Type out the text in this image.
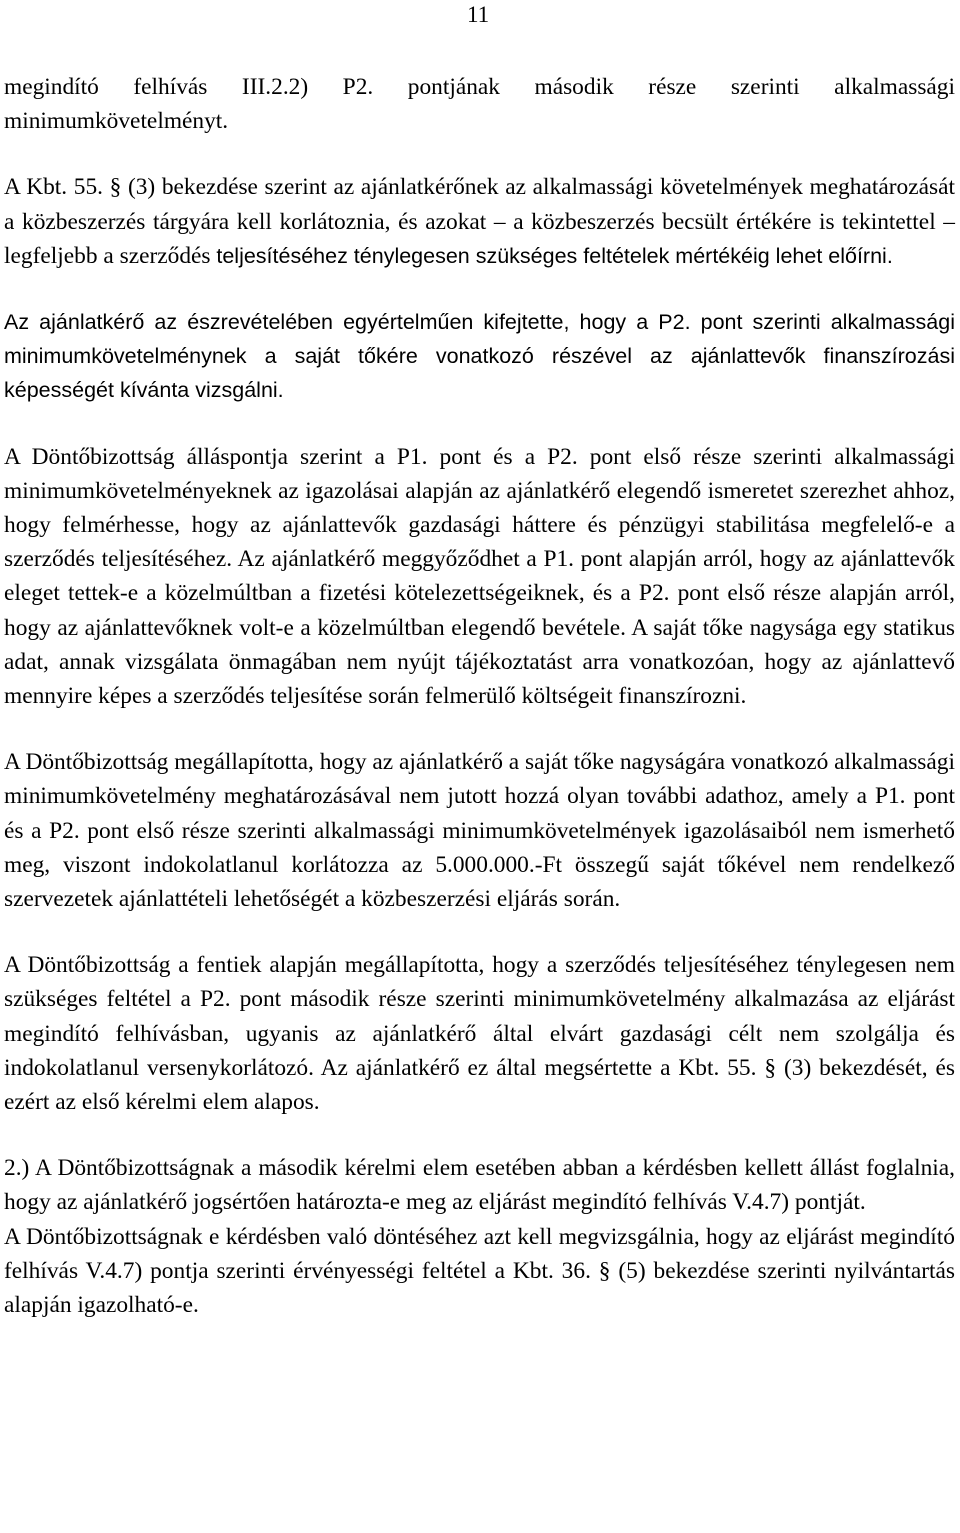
11

megindító felhívás III.2.2) P2. pontjának második része szerinti alkalmassági minimumkövetelményt.

A Kbt. 55. § (3) bekezdése szerint az ajánlatkérőnek az alkalmassági követelmények meghatározását a közbeszerzés tárgyára kell korlátoznia, és azokat – a közbeszerzés becsült értékére is tekintettel – legfeljebb a szerződés teljesítéséhez ténylegesen szükséges feltételek mértékéig lehet előírni.

Az ajánlatkérő az észrevételében egyértelműen kifejtette, hogy a P2. pont szerinti alkalmassági minimumkövetelménynek a saját tőkére vonatkozó részével az ajánlattevők finanszírozási képességét kívánta vizsgálni.

A Döntőbizottság álláspontja szerint a P1. pont és a P2. pont első része szerinti alkalmassági minimumkövetelményeknek az igazolásai alapján az ajánlatkérő elegendő ismeretet szerezhet ahhoz, hogy felmérhesse, hogy az ajánlattevők gazdasági háttere és pénzügyi stabilitása megfelelő-e a szerződés teljesítéséhez. Az ajánlatkérő meggyőződhet a P1. pont alapján arról, hogy az ajánlattevők eleget tettek-e a közelmúltban a fizetési kötelezettségeiknek, és a P2. pont első része alapján arról, hogy az ajánlattevőknek volt-e a közelmúltban elegendő bevétele. A saját tőke nagysága egy statikus adat, annak vizsgálata önmagában nem nyújt tájékoztatást arra vonatkozóan, hogy az ajánlattevő mennyire képes a szerződés teljesítése során felmerülő költségeit finanszírozni.

A Döntőbizottság megállapította, hogy az ajánlatkérő a saját tőke nagyságára vonatkozó alkalmassági minimumkövetelmény meghatározásával nem jutott hozzá olyan további adathoz, amely a P1. pont és a P2. pont első része szerinti alkalmassági minimumkövetelmények igazolásaiból nem ismerhető meg, viszont indokolatlanul korlátozza az 5.000.000.-Ft összegű saját tőkével nem rendelkező szervezetek ajánlattételi lehetőségét a közbeszerzési eljárás során.

A Döntőbizottság a fentiek alapján megállapította, hogy a szerződés teljesítéséhez ténylegesen nem szükséges feltétel a P2. pont második része szerinti minimumkövetelmény alkalmazása az eljárást megindító felhívásban, ugyanis az ajánlatkérő által elvárt gazdasági célt nem szolgálja és indokolatlanul versenykorlátozó. Az ajánlatkérő ez által megsértette a Kbt. 55. § (3) bekezdését, és ezért az első kérelmi elem alapos.

2.) A Döntőbizottságnak a második kérelmi elem esetében abban a kérdésben kellett állást foglalnia, hogy az ajánlatkérő jogsértően határozta-e meg az eljárást megindító felhívás V.4.7) pontját.

A Döntőbizottságnak e kérdésben való döntéséhez azt kell megvizsgálnia, hogy az eljárást megindító felhívás V.4.7) pontja szerinti érvényességi feltétel a Kbt. 36. § (5) bekezdése szerinti nyilvántartás alapján igazolható-e.
